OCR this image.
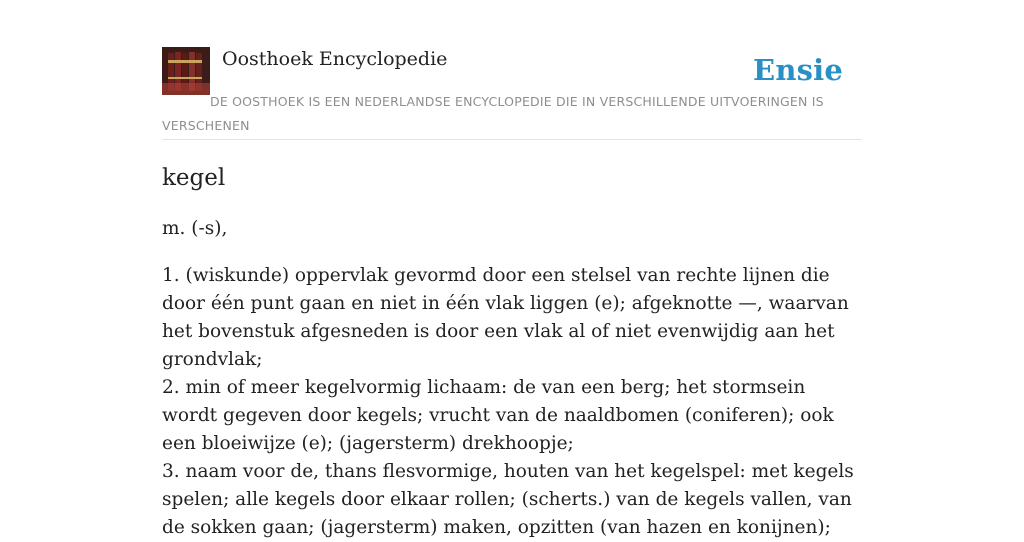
Oosthoek Encyclopedie	Ensie
DE OOSTHOEK IS EEN NEDERLANDSE ENCYCLOPEDIE DIE IN VERSCHILLENDE UITVOERINGEN IS VERSCHENEN
kegel
m. (-s),

1. (wiskunde) oppervlak gevormd door een stelsel van rechte lijnen die door één punt gaan en niet in één vlak liggen (e); afgeknotte —, waarvan het bovenstuk afgesneden is door een vlak al of niet evenwijdig aan het grondvlak;

2. min of meer kegelvormig lichaam: de van een berg; het stormsein wordt gegeven door kegels; vrucht van de naaldbomen (coniferen); ook een bloeiwijze (e); (jagersterm) drekhoopje;

3. naam voor de, thans flesvormige, houten van het kegelspel: met kegels spelen; alle kegels door elkaar rollen; (scherts.) van de kegels vallen, van de sokken gaan; (jagersterm) maken, opzitten (van hazen en konijnen);
